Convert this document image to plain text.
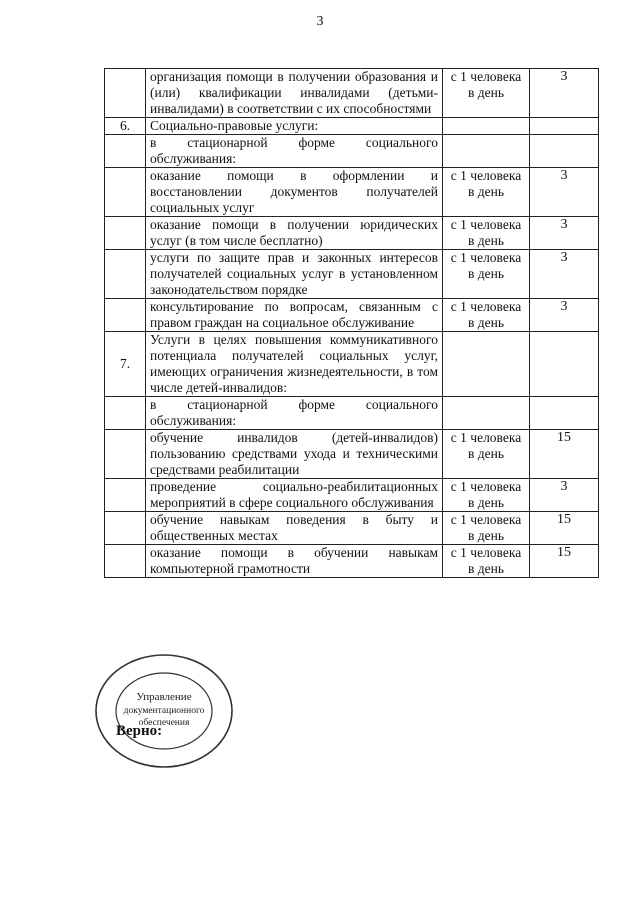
3
	организация помощи в получении образования и (или) квалификации инвалидами (детьми-инвалидами) в соответствии с их способностями	с 1 человека в день	3
6.	Социально-правовые услуги:		
	в стационарной форме социального обслуживания:		
	оказание помощи в оформлении и восстановлении документов получателей социальных услуг	с 1 человека в день	3
	оказание помощи в получении юридических услуг (в том числе бесплатно)	с 1 человека в день	3
	услуги по защите прав и законных интересов получателей социальных услуг в установленном законодательством порядке	с 1 человека в день	3
	консультирование по вопросам, связанным с правом граждан на социальное обслуживание	с 1 человека в день	3
7.	Услуги в целях повышения коммуникативного потенциала получателей социальных услуг, имеющих ограничения жизнедеятельности, в том числе детей-инвалидов:		
	в стационарной форме социального обслуживания:		
	обучение инвалидов (детей-инвалидов) пользованию средствами ухода и техническими средствами реабилитации	с 1 человека в день	15
	проведение социально-реабилитационных мероприятий в сфере социального обслуживания	с 1 человека в день	3
	обучение навыкам поведения в быту и общественных местах	с 1 человека в день	15
	оказание помощи в обучении навыкам компьютерной грамотности	с 1 человека в день	15
Управление
документационного
обеспечения
Верно:
